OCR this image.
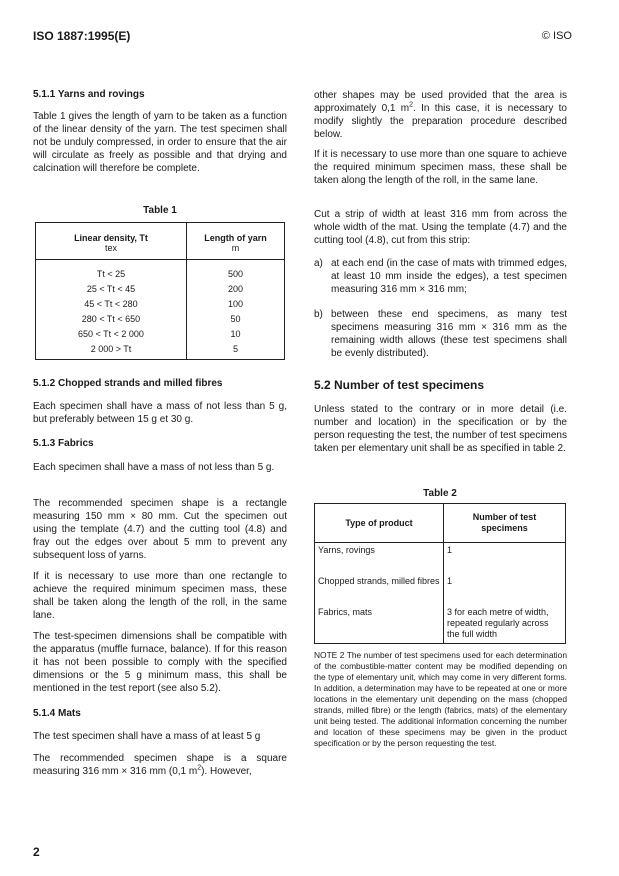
ISO 1887:1995(E)	© ISO
5.1.1 Yarns and rovings
Table 1 gives the length of yarn to be taken as a function of the linear density of the yarn. The test specimen shall not be unduly compressed, in order to ensure that the air will circulate as freely as possible and that drying and calcination will therefore be complete.
Table 1
Linear density, Tt	Length of yarn
tex	m
Tt < 25	500
25 < Tt < 45	200
45 < Tt < 280	100
280 < Tt < 650	50
650 < Tt < 2 000	10
2 000 > Tt	5
5.1.2 Chopped strands and milled fibres
Each specimen shall have a mass of not less than 5 g, but preferably between 15 g et 30 g.
5.1.3 Fabrics
Each specimen shall have a mass of not less than 5 g.
The recommended specimen shape is a rectangle measuring 150 mm × 80 mm. Cut the specimen out using the template (4.7) and the cutting tool (4.8) and fray out the edges over about 5 mm to prevent any subsequent loss of yarns.
If it is necessary to use more than one rectangle to achieve the required minimum specimen mass, these shall be taken along the length of the roll, in the same lane.
The test-specimen dimensions shall be compatible with the apparatus (muffle furnace, balance). If for this reason it has not been possible to comply with the specified dimensions or the 5 g minimum mass, this shall be mentioned in the test report (see also 5.2).
5.1.4 Mats
The test specimen shall have a mass of at least 5 g
The recommended specimen shape is a square measuring 316 mm × 316 mm (0,1 $m^2$). However,
other shapes may be used provided that the area is approximately 0,1 $m^2$. In this case, it is necessary to modify slightly the preparation procedure described below.
If it is necessary to use more than one square to achieve the required minimum specimen mass, these shall be taken along the length of the roll, in the same lane.
Cut a strip of width at least 316 mm from across the whole width of the mat. Using the template (4.7) and the cutting tool (4.8), cut from this strip:
a) at each end (in the case of mats with trimmed edges, at least 10 mm inside the edges), a test specimen measuring 316 mm × 316 mm;
b) between these end specimens, as many test specimens measuring 316 mm × 316 mm as the remaining width allows (these test specimens shall be evenly distributed).
5.2 Number of test specimens
Unless stated to the contrary or in more detail (i.e. number and location) in the specification or by the person requesting the test, the number of test specimens taken per elementary unit shall be as specified in table 2.
Table 2
Type of product	Number of test specimens
Yarns, rovings	1
Chopped strands, milled fibres	1
Fabrics, mats	3 for each metre of width, repeated regularly across the full width
NOTE 2 The number of test specimens used for each determination of the combustible-matter content may be modified depending on the type of elementary unit, which may come in very different forms. In addition, a determination may have to be repeated at one or more locations in the elementary unit depending on the mass (chopped strands, milled fibre) or the length (fabrics, mats) of the elementary unit being tested. The additional information concerning the number and location of these specimens may be given in the product specification or by the person requesting the test.
2
